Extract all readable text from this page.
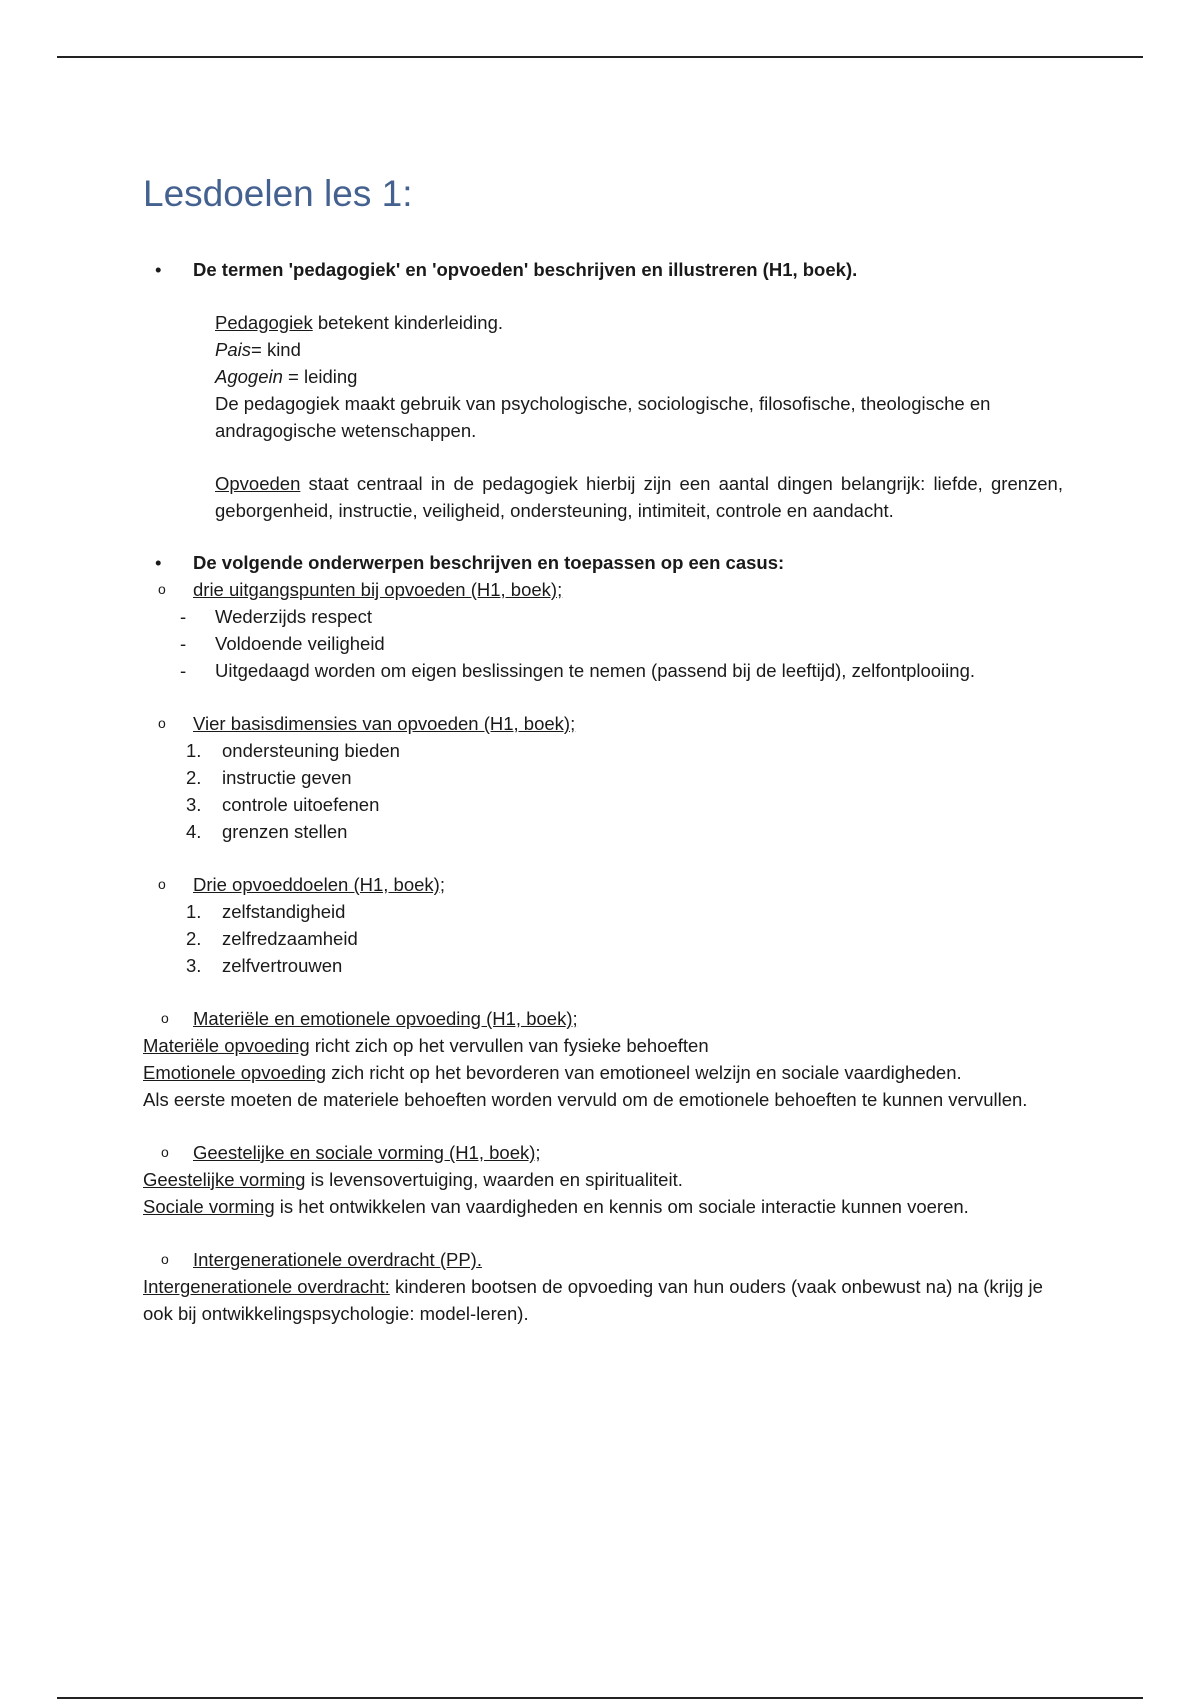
Lesdoelen les 1:
• De termen 'pedagogiek' en 'opvoeden' beschrijven en illustreren (H1, boek).
Pedagogiek betekent kinderleiding.
Pais= kind
Agogein = leiding
De pedagogiek maakt gebruik van psychologische, sociologische, filosofische, theologische en andragogische wetenschappen.
Opvoeden staat centraal in de pedagogiek hierbij zijn een aantal dingen belangrijk: liefde, grenzen, geborgenheid, instructie, veiligheid, ondersteuning, intimiteit, controle en aandacht.
• De volgende onderwerpen beschrijven en toepassen op een casus:
o drie uitgangspunten bij opvoeden (H1, boek);
- Wederzijds respect
- Voldoende veiligheid
- Uitgedaagd worden om eigen beslissingen te nemen (passend bij de leeftijd), zelfontplooiing.
o Vier basisdimensies van opvoeden (H1, boek);
1. ondersteuning bieden
2. instructie geven
3. controle uitoefenen
4. grenzen stellen
o Drie opvoeddoelen (H1, boek);
1. zelfstandigheid
2. zelfredzaamheid
3. zelfvertrouwen
o Materiële en emotionele opvoeding (H1, boek);
Materiële opvoeding richt zich op het vervullen van fysieke behoeften
Emotionele opvoeding zich richt op het bevorderen van emotioneel welzijn en sociale vaardigheden.
Als eerste moeten de materiele behoeften worden vervuld om de emotionele behoeften te kunnen vervullen.
o Geestelijke en sociale vorming (H1, boek);
Geestelijke vorming is levensovertuiging, waarden en spiritualiteit.
Sociale vorming is het ontwikkelen van vaardigheden en kennis om sociale interactie kunnen voeren.
o Intergenerationele overdracht (PP).
Intergenerationele overdracht: kinderen bootsen de opvoeding van hun ouders (vaak onbewust na) na (krijg je ook bij ontwikkelingspsychologie: model-leren).
